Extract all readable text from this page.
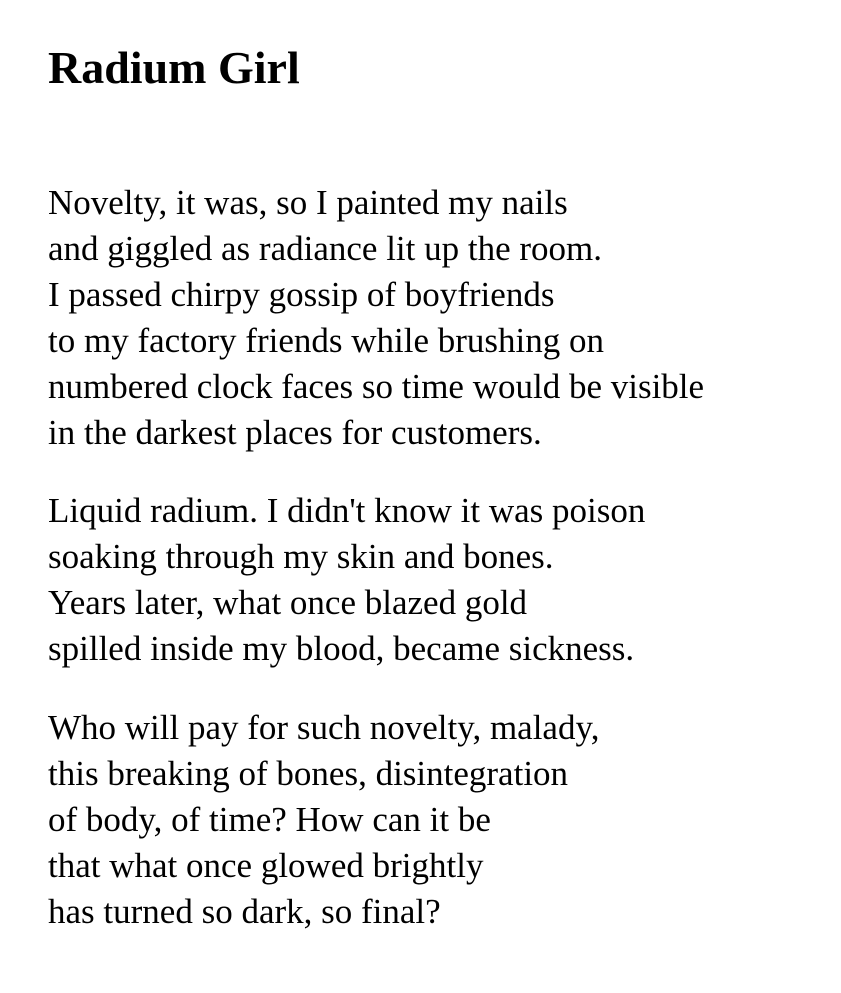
Radium Girl

Novelty, it was, so I painted my nails
and giggled as radiance lit up the room.
I passed chirpy gossip of boyfriends
to my factory friends while brushing on
numbered clock faces so time would be visible
in the darkest places for customers.

Liquid radium. I didn't know it was poison
soaking through my skin and bones.
Years later, what once blazed gold
spilled inside my blood, became sickness.

Who will pay for such novelty, malady,
this breaking of bones, disintegration
of body, of time? How can it be
that what once glowed brightly
has turned so dark, so final?
